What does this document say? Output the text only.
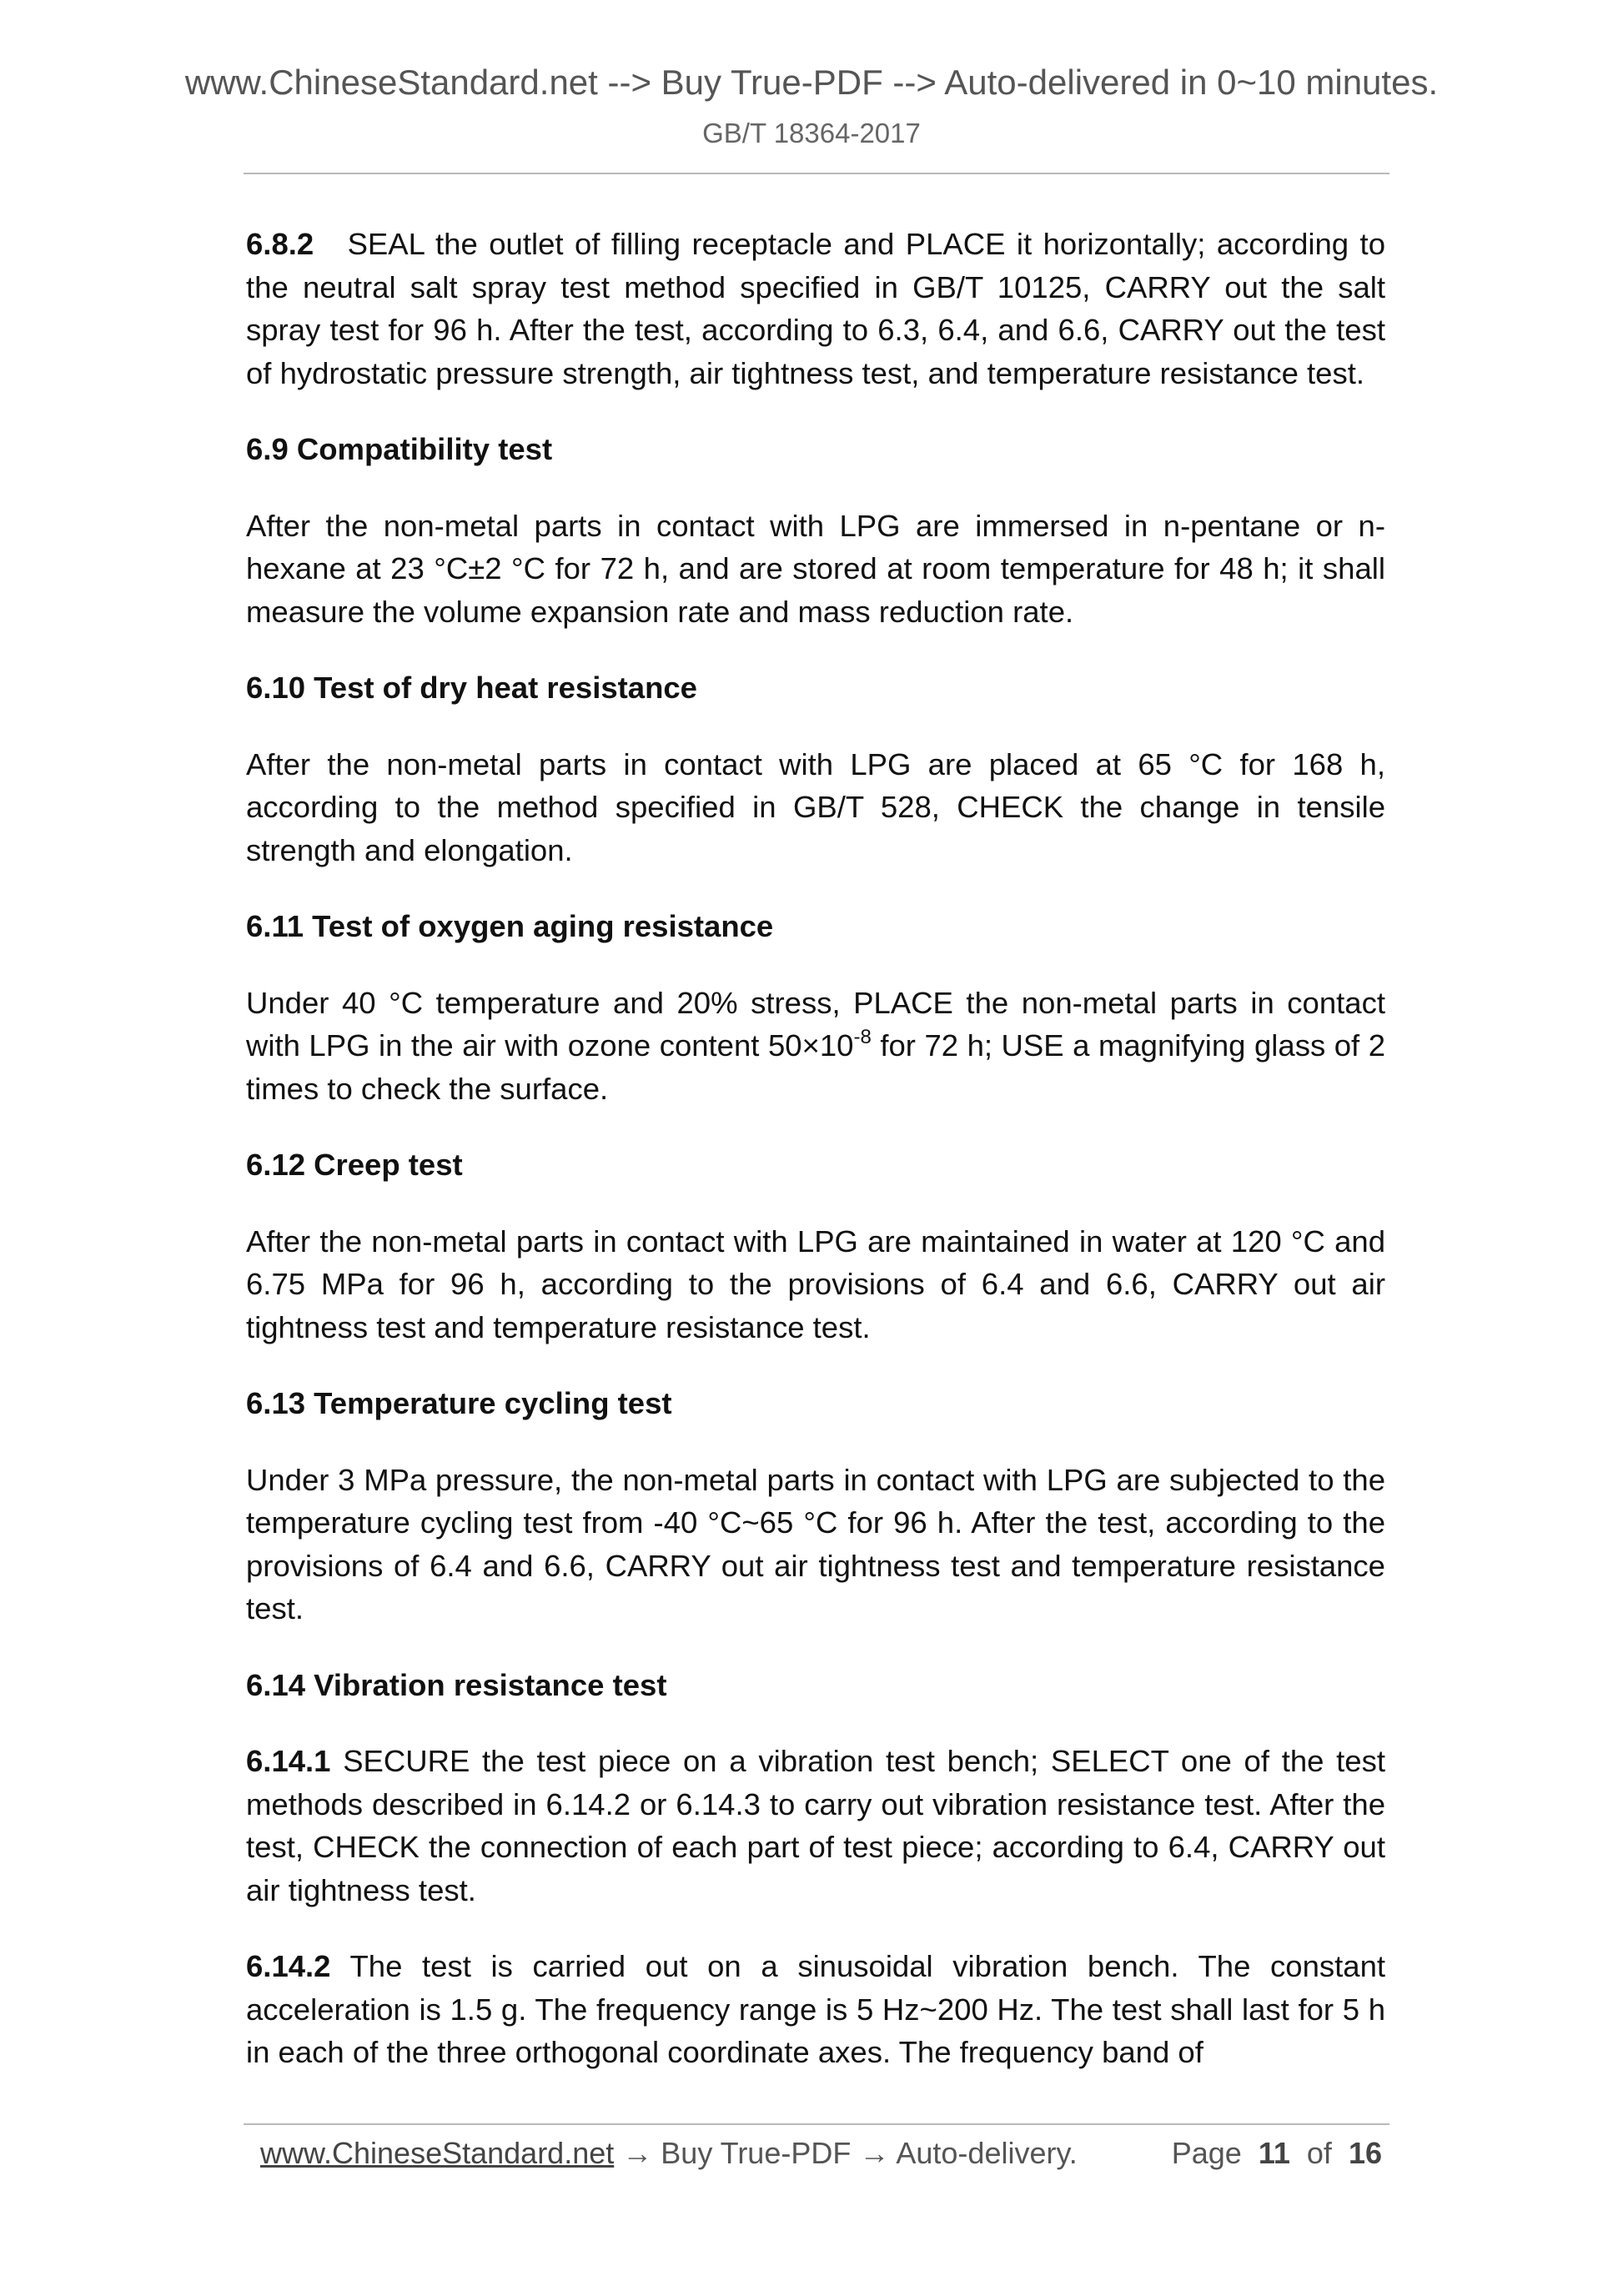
www.ChineseStandard.net --> Buy True-PDF --> Auto-delivered in 0~10 minutes.
GB/T 18364-2017

6.8.2 SEAL the outlet of filling receptacle and PLACE it horizontally; according to the neutral salt spray test method specified in GB/T 10125, CARRY out the salt spray test for 96 h. After the test, according to 6.3, 6.4, and 6.6, CARRY out the test of hydrostatic pressure strength, air tightness test, and temperature resistance test.

6.9 Compatibility test

After the non-metal parts in contact with LPG are immersed in n-pentane or n-hexane at 23 °C±2 °C for 72 h, and are stored at room temperature for 48 h; it shall measure the volume expansion rate and mass reduction rate.

6.10 Test of dry heat resistance

After the non-metal parts in contact with LPG are placed at 65 °C for 168 h, according to the method specified in GB/T 528, CHECK the change in tensile strength and elongation.

6.11 Test of oxygen aging resistance

Under 40 °C temperature and 20% stress, PLACE the non-metal parts in contact with LPG in the air with ozone content $50\times 10^{-8}$ for 72 h; USE a magnifying glass of 2 times to check the surface.

6.12 Creep test

After the non-metal parts in contact with LPG are maintained in water at 120 °C and 6.75 MPa for 96 h, according to the provisions of 6.4 and 6.6, CARRY out air tightness test and temperature resistance test.

6.13 Temperature cycling test

Under 3 MPa pressure, the non-metal parts in contact with LPG are subjected to the temperature cycling test from -40 °C~65 °C for 96 h. After the test, according to the provisions of 6.4 and 6.6, CARRY out air tightness test and temperature resistance test.

6.14 Vibration resistance test

6.14.1 SECURE the test piece on a vibration test bench; SELECT one of the test methods described in 6.14.2 or 6.14.3 to carry out vibration resistance test. After the test, CHECK the connection of each part of test piece; according to 6.4, CARRY out air tightness test.

6.14.2 The test is carried out on a sinusoidal vibration bench. The constant acceleration is 1.5 g. The frequency range is 5 Hz~200 Hz. The test shall last for 5 h in each of the three orthogonal coordinate axes. The frequency band of

www.ChineseStandard.net → Buy True-PDF → Auto-delivery.	Page 11 of 16
